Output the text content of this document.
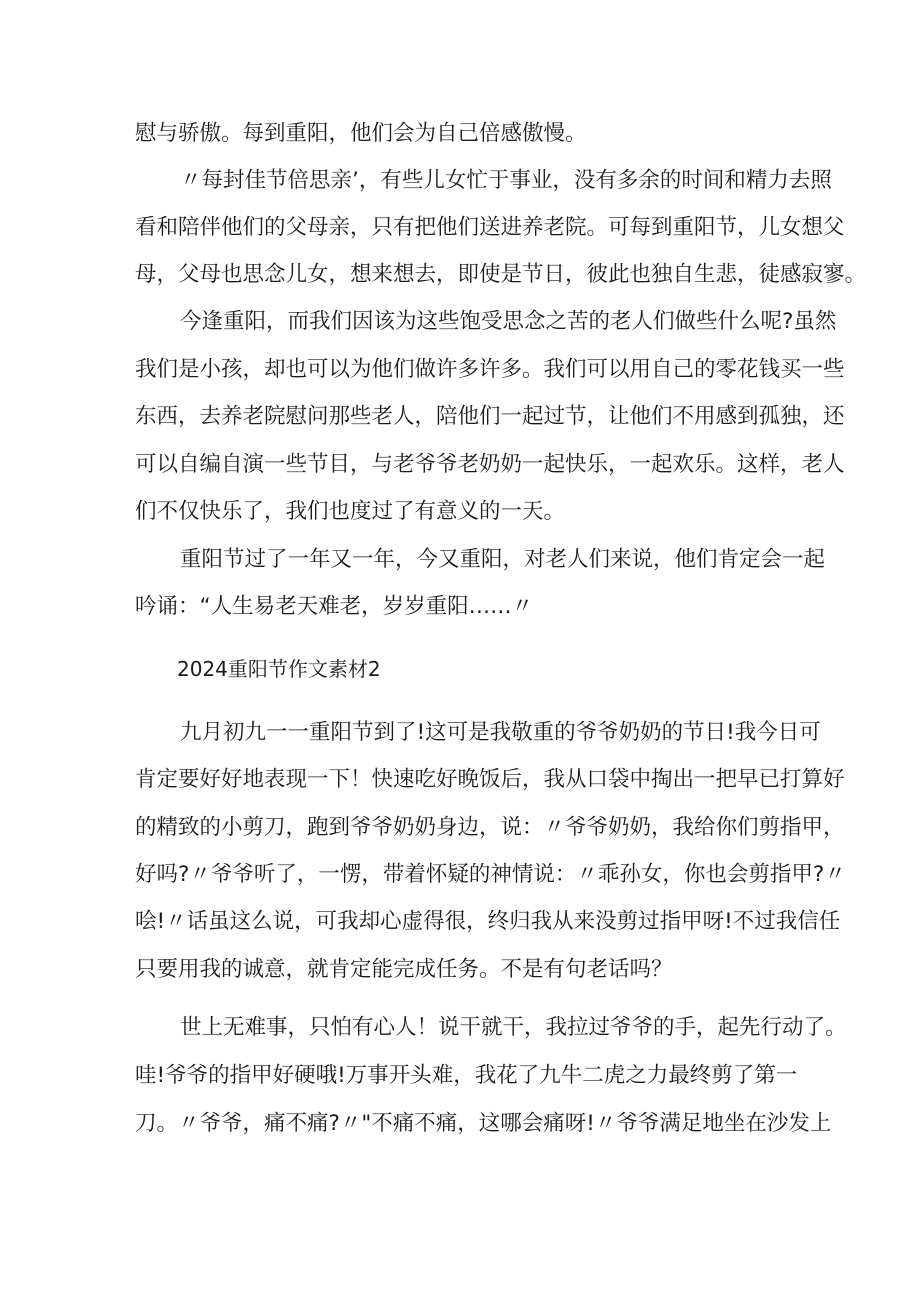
慰与骄傲。每到重阳，他们会为自己倍感傲慢。
〃每封佳节倍思亲’，有些儿女忙于事业，没有多余的时间和精力去照
看和陪伴他们的父母亲，只有把他们送进养老院。可每到重阳节，儿女想父
母，父母也思念儿女，想来想去，即使是节日，彼此也独自生悲，徒感寂寥。
今逢重阳，而我们因该为这些饱受思念之苦的老人们做些什么呢?虽然
我们是小孩，却也可以为他们做许多许多。我们可以用自己的零花钱买一些
东西，去养老院慰问那些老人，陪他们一起过节，让他们不用感到孤独，还
可以自编自演一些节目，与老爷爷老奶奶一起快乐，一起欢乐。这样，老人
们不仅快乐了，我们也度过了有意义的一天。
重阳节过了一年又一年，今又重阳，对老人们来说，他们肯定会一起
吟诵：“人生易老天难老，岁岁重阳……〃
2024重阳节作文素材2
九月初九一一重阳节到了!这可是我敬重的爷爷奶奶的节日!我今日可
肯定要好好地表现一下！快速吃好晚饭后，我从口袋中掏出一把早已打算好
的精致的小剪刀，跑到爷爷奶奶身边，说：〃爷爷奶奶，我给你们剪指甲，
好吗?〃爷爷听了，一愣，带着怀疑的神情说：〃乖孙女，你也会剪指甲?〃
哙!〃话虽这么说，可我却心虚得很，终归我从来没剪过指甲呀!不过我信任
只要用我的诚意，就肯定能完成任务。不是有句老话吗？
世上无难事，只怕有心人！说干就干，我拉过爷爷的手，起先行动了。
哇!爷爷的指甲好硬哦!万事开头难，我花了九牛二虎之力最终剪了第一
刀。〃爷爷，痛不痛?〃"不痛不痛，这哪会痛呀!〃爷爷满足地坐在沙发上
